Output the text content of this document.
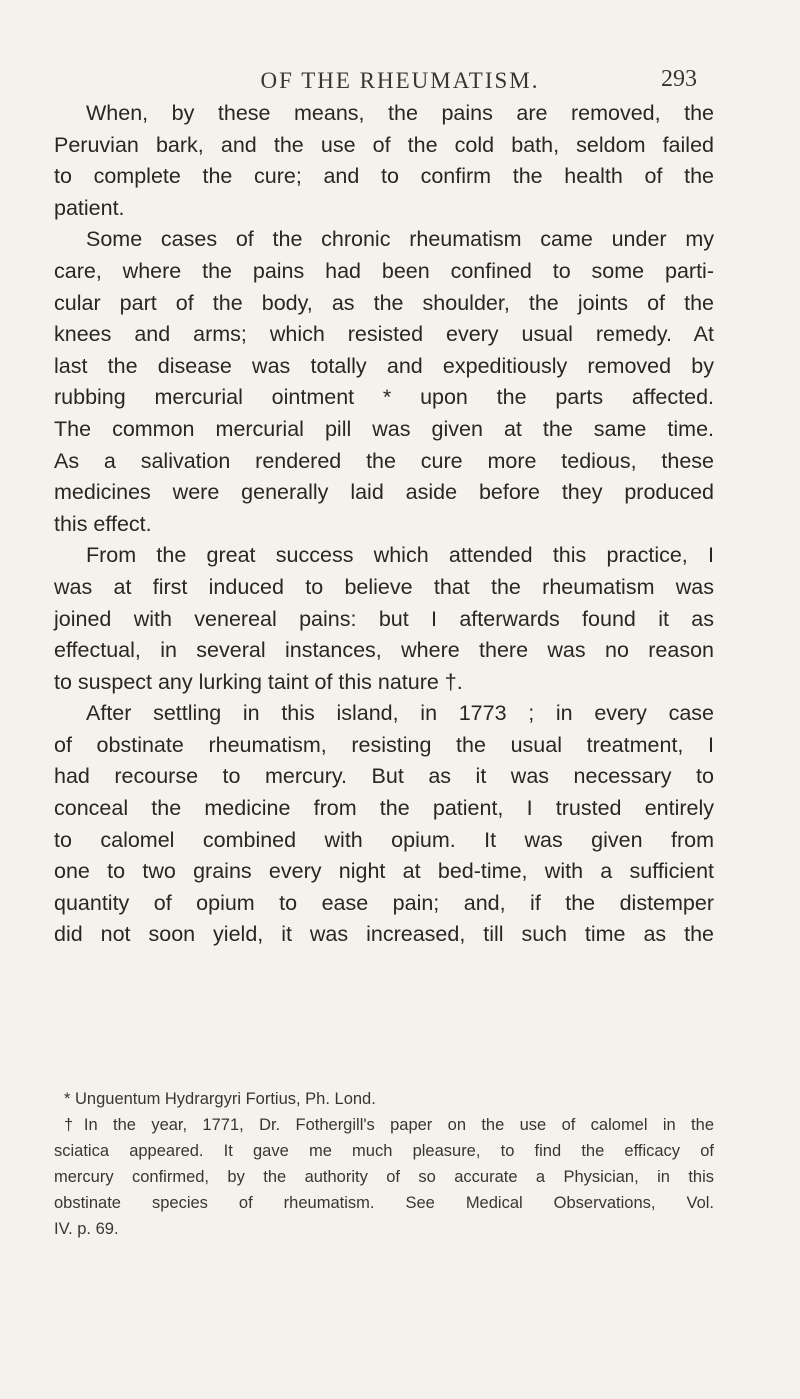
OF THE RHEUMATISM.	293
When, by these means, the pains are removed, the
Peruvian bark, and the use of the cold bath, seldom failed
to complete the cure; and to confirm the health of the
patient.
Some cases of the chronic rheumatism came under my
care, where the pains had been confined to some parti-
cular part of the body, as the shoulder, the joints of the
knees and arms; which resisted every usual remedy. At
last the disease was totally and expeditiously removed by
rubbing mercurial ointment * upon the parts affected.
The common mercurial pill was given at the same time.
As a salivation rendered the cure more tedious, these
medicines were generally laid aside before they produced
this effect.
From the great success which attended this practice, I
was at first induced to believe that the rheumatism was
joined with venereal pains: but I afterwards found it as
effectual, in several instances, where there was no reason
to suspect any lurking taint of this nature †.
After settling in this island, in 1773 ; in every case
of obstinate rheumatism, resisting the usual treatment, I
had recourse to mercury. But as it was necessary to
conceal the medicine from the patient, I trusted entirely
to calomel combined with opium. It was given from
one to two grains every night at bed-time, with a sufficient
quantity of opium to ease pain; and, if the distemper
did not soon yield, it was increased, till such time as the
* Unguentum Hydrargyri Fortius, Ph. Lond.
†In the year, 1771, Dr. Fothergill's paper on the use of calomel in the
sciatica appeared. It gave me much pleasure, to find the efficacy of
mercury confirmed, by the authority of so accurate a Physician, in this
obstinate species of rheumatism. See Medical Observations, Vol.
IV. p. 69.
